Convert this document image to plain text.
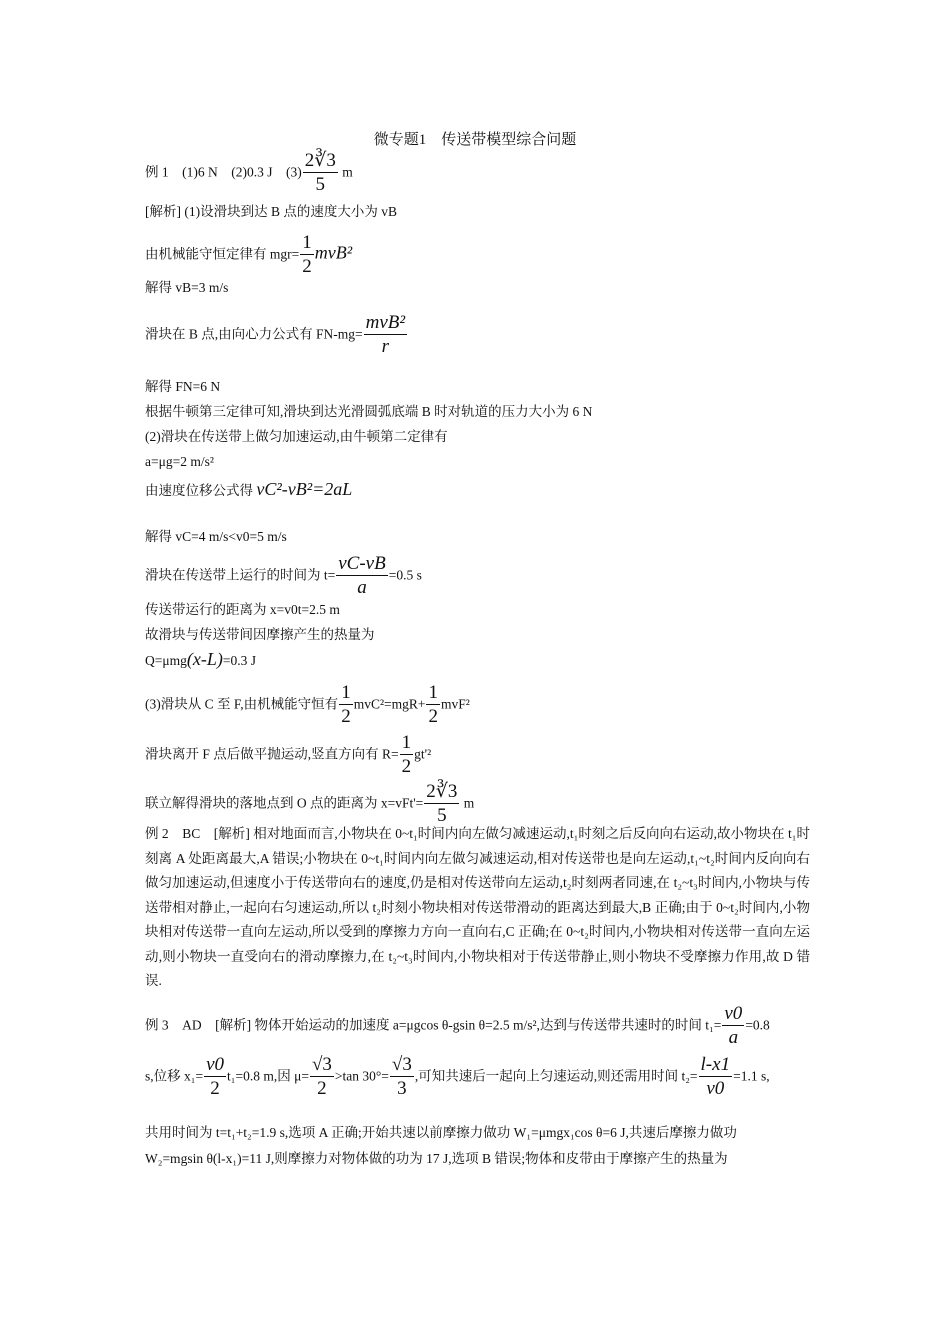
微专题1　传送带模型综合问题
例 1　(1)6 N　(2)0.3 J　$(3) \frac{2∛3}{5}$ m
[解析] (1)设滑块到达 B 点的速度大小为 vB
由机械能守恒定律有 $mgr= \frac{1}{2} mvB^2$
解得 vB=3 m/s
滑块在 B 点,由向心力公式有 $FN-mg= \frac{\text{mvB²}}{r}$
解得 FN=6 N
根据牛顿第三定律可知,滑块到达光滑圆弧底端 B 时对轨道的压力大小为 6 N
(2)滑块在传送带上做匀加速运动,由牛顿第二定律有
a=μg=2 m/s²
由速度位移公式得 vC²-vB²=2aL
解得 vC=4 m/s<v0=5 m/s
滑块在传送带上运行的时间为 $t= \frac{vC-vB}{a} =0.5$ s
传送带运行的距离为 x=v0t=2.5 m
故滑块与传送带间因摩擦产生的热量为
Q=μmg(x-L)=0.3 J
(3)滑块从 C 至 F,由机械能守恒有 $\frac{1}{2} mvC^2=mgR+ \frac{1}{2} mvF^2$
滑块离开 F 点后做平抛运动,竖直方向有 $R= \frac{1}{2} gt'^2$
联立解得滑块的落地点到 O 点的距离为 $x=vFt'= \frac{2∛3}{5}$ m
例 2　BC　[解析] 相对地面而言,小物块在 0~t₁时间内向左做匀减速运动,t₁时刻之后反向向右运动,故小物块在 t₁时刻离 A 处距离最大,A 错误;小物块在 0~t₁时间内向左做匀减速运动,相对传送带也是向左运动,t₁~t₂时间内反向向右做匀加速运动,但速度小于传送带向右的速度,仍是相对传送带向左运动,t₂时刻两者同速,在 t₂~t₃时间内,小物块与传送带相对静止,一起向右匀速运动,所以 t₂时刻小物块相对传送带滑动的距离达到最大,B 正确;由于 0~t₂时间内,小物块相对传送带一直向左运动,所以受到的摩擦力方向一直向右,C 正确;在 0~t₂时间内,小物块相对传送带一直向左运动,则小物块一直受向右的滑动摩擦力,在 t₂~t₃时间内,小物块相对于传送带静止,则小物块不受摩擦力作用,故 D 错误.
例 3　AD　[解析] 物体开始运动的加速度 a=μgcos θ-gsin θ=2.5 m/s²,达到与传送带共速时的时间 $t_1= \frac{v0}{a} =0.8$
s,位移 $x_1= \frac{v0}{2} t_1=0.8$ m,因 $\mu= \frac{√3}{2} >\tan$ $30^\circ= \frac{√3}{3}$ ,可知共速后一起向上匀速运动,则还需用时间 $t_2= \frac{l-x1}{v0} =1.1$ s,
共用时间为 t=t₁+t₂=1.9 s,选项 A 正确;开始共速以前摩擦力做功 W₁=μmgx₁cos θ=6 J,共速后摩擦力做功
W₂=mgsin θ(l-x₁)=11 J,则摩擦力对物体做的功为 17 J,选项 B 错误;物体和皮带由于摩擦产生的热量为
